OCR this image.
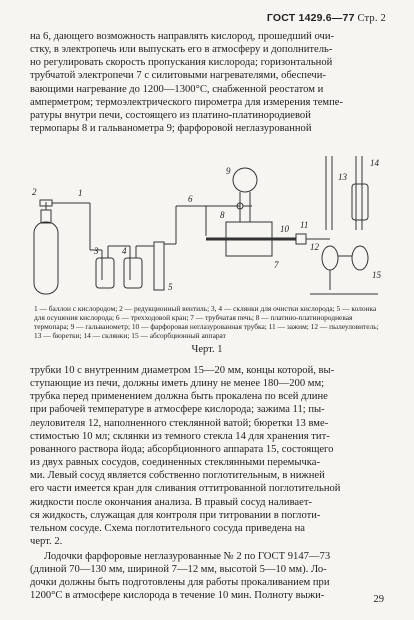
ГОСТ 1429.6—77 Стр. 2

на 6, дающего возможность направлять кислород, прошедший очи-

стку, в электропечь или выпускать его в атмосферу и дополнитель-

но регулировать скорость пропускания кислорода; горизонтальной

трубчатой электропечи 7 с силитовыми нагревателями, обеспечи-

вающими нагревание до 1200—1300°C, снабженной реостатом и

амперметром; термоэлектрического пирометра для измерения темпе-

ратуры внутри печи, состоящего из платино-платинородиевой

термопары 8 и гальванометра 9; фарфоровой неглазурованной

2	1
3	4
5
6
7
8
9
10 11
12
13
14
15
1 — баллон с кислородом; 2 — редукционный вентиль; 3, 4 — склянки для очистки кислорода; 5 — колонка для осушения кислорода; 6 — трехходовой кран; 7 — трубчатая печь; 8 — платино-платинородиевая термопара; 9 — гальванометр; 10 — фарфоровая неглазурованная трубка; 11 — зажим; 12 — пылеуловитель; 13 — бюретки; 14 — склянки; 15 — абсорбционный аппарат
Черт. 1

трубки 10 с внутренним диаметром 15—20 мм, концы которой, вы-

ступающие из печи, должны иметь длину не менее 180—200 мм;

трубка перед применением должна быть прокалена по всей длине

при рабочей температуре в атмосфере кислорода; зажима 11; пы-

леуловителя 12, наполненного стеклянной ватой; бюретки 13 вме-

стимостью 10 мл; склянки из темного стекла 14 для хранения тит-

рованного раствора йода; абсорбционного аппарата 15, состоящего

из двух равных сосудов, соединенных стеклянными перемычка-

ми. Левый сосуд является собственно поглотительным, в нижней

его части имеется кран для сливания оттитрованной поглотительной

жидкости после окончания анализа. В правый сосуд наливает-

ся жидкость, служащая для контроля при титровании в поглоти-

тельном сосуде. Схема поглотительного сосуда приведена на

черт. 2.

Лодочки фарфоровые неглазурованные № 2 по ГОСТ 9147—73

(длиной 70—130 мм, шириной 7—12 мм, высотой 5—10 мм). Ло-

дочки должны быть подготовлены для работы прокаливанием при

1200°C в атмосфере кислорода в течение 10 мин. Полноту выжи-	29
